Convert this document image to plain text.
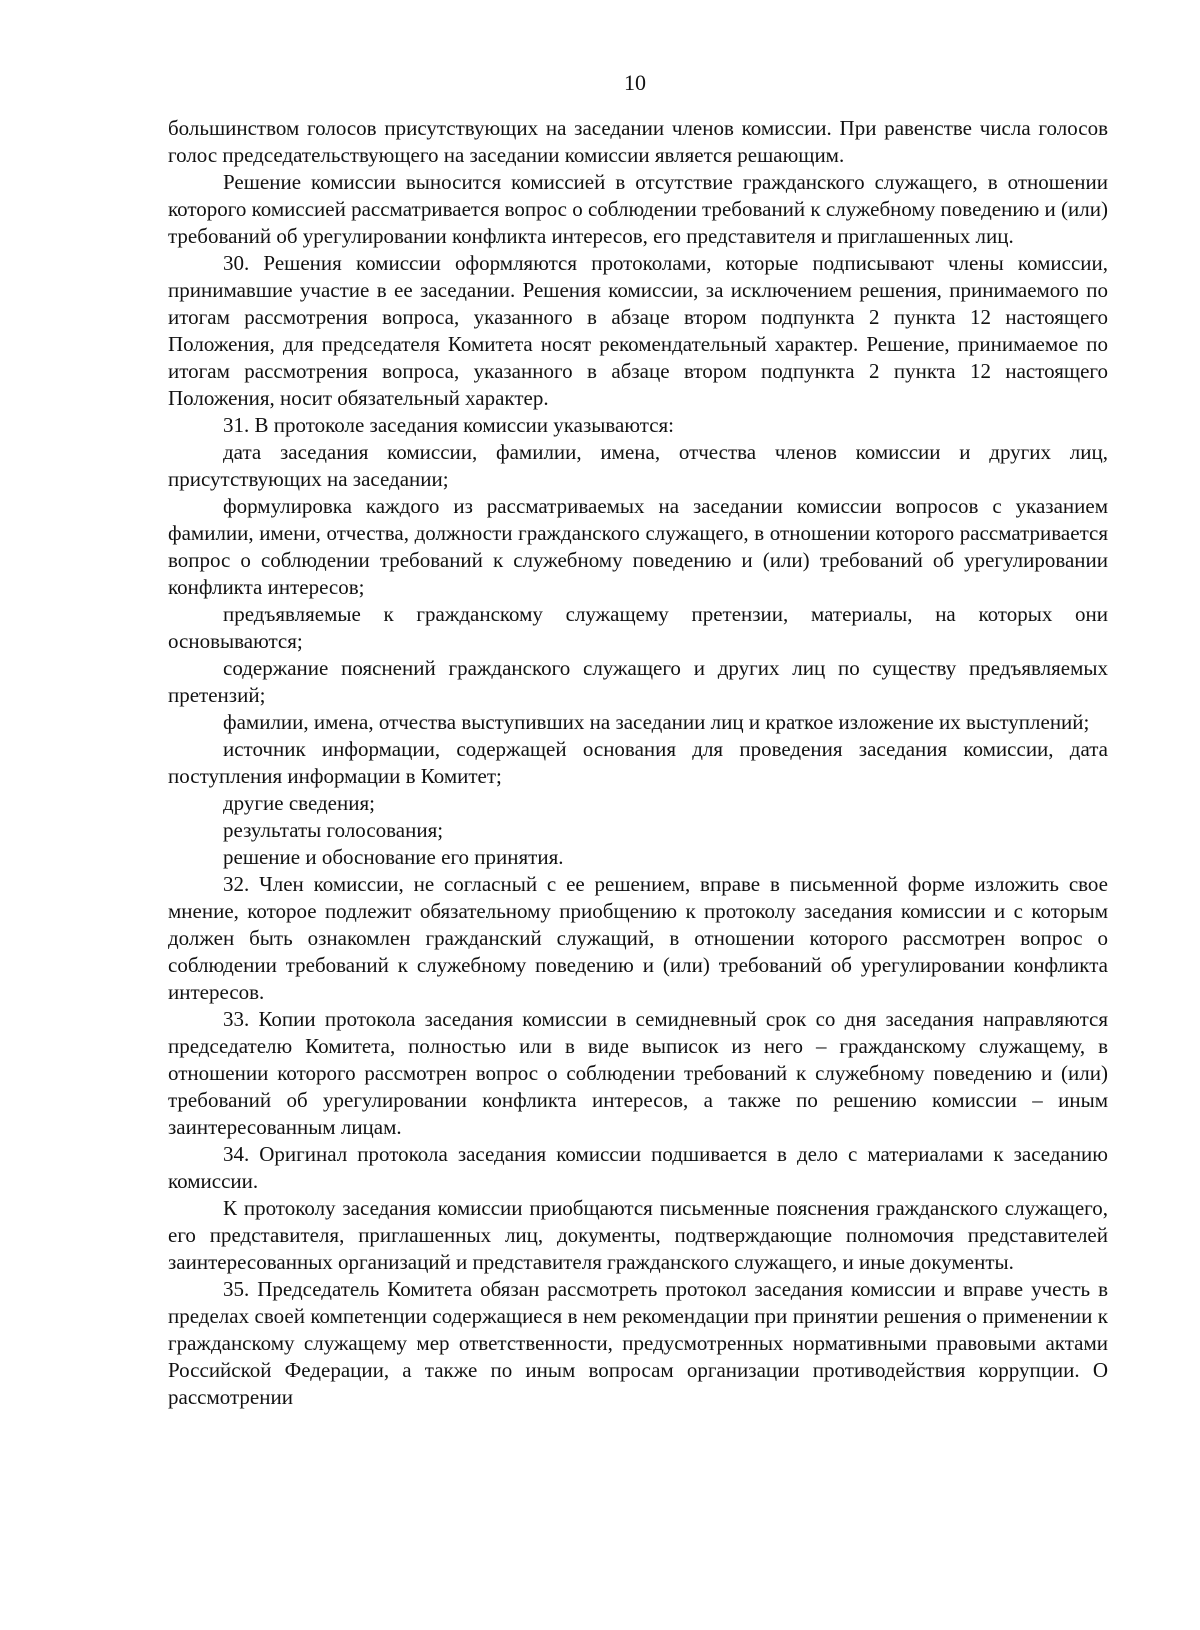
10

большинством голосов присутствующих на заседании членов комиссии. При равенстве числа голосов голос председательствующего на заседании комиссии является решающим.

Решение комиссии выносится комиссией в отсутствие гражданского служащего, в отношении которого комиссией рассматривается вопрос о соблюдении требований к служебному поведению и (или) требований об урегулировании конфликта интересов, его представителя и приглашенных лиц.

30. Решения комиссии оформляются протоколами, которые подписывают члены комиссии, принимавшие участие в ее заседании. Решения комиссии, за исключением решения, принимаемого по итогам рассмотрения вопроса, указанного в абзаце втором подпункта 2 пункта 12 настоящего Положения, для председателя Комитета носят рекомендательный характер. Решение, принимаемое по итогам рассмотрения вопроса, указанного в абзаце втором подпункта 2 пункта 12 настоящего Положения, носит обязательный характер.

31. В протоколе заседания комиссии указываются:

дата заседания комиссии, фамилии, имена, отчества членов комиссии и других лиц, присутствующих на заседании;

формулировка каждого из рассматриваемых на заседании комиссии вопросов с указанием фамилии, имени, отчества, должности гражданского служащего, в отношении которого рассматривается вопрос о соблюдении требований к служебному поведению и (или) требований об урегулировании конфликта интересов;

предъявляемые к гражданскому служащему претензии, материалы, на которых они основываются;

содержание пояснений гражданского служащего и других лиц по существу предъявляемых претензий;

фамилии, имена, отчества выступивших на заседании лиц и краткое изложение их выступлений;

источник информации, содержащей основания для проведения заседания комиссии, дата поступления информации в Комитет;

другие сведения;

результаты голосования;

решение и обоснование его принятия.

32. Член комиссии, не согласный с ее решением, вправе в письменной форме изложить свое мнение, которое подлежит обязательному приобщению к протоколу заседания комиссии и с которым должен быть ознакомлен гражданский служащий, в отношении которого рассмотрен вопрос о соблюдении требований к служебному поведению и (или) требований об урегулировании конфликта интересов.

33. Копии протокола заседания комиссии в семидневный срок со дня заседания направляются председателю Комитета, полностью или в виде выписок из него – гражданскому служащему, в отношении которого рассмотрен вопрос о соблюдении требований к служебному поведению и (или) требований об урегулировании конфликта интересов, а также по решению комиссии – иным заинтересованным лицам.

34. Оригинал протокола заседания комиссии подшивается в дело с материалами к заседанию комиссии.

К протоколу заседания комиссии приобщаются письменные пояснения гражданского служащего, его представителя, приглашенных лиц, документы, подтверждающие полномочия представителей заинтересованных организаций и представителя гражданского служащего, и иные документы.

35. Председатель Комитета обязан рассмотреть протокол заседания комиссии и вправе учесть в пределах своей компетенции содержащиеся в нем рекомендации при принятии решения о применении к гражданскому служащему мер ответственности, предусмотренных нормативными правовыми актами Российской Федерации, а также по иным вопросам организации противодействия коррупции. О рассмотрении
